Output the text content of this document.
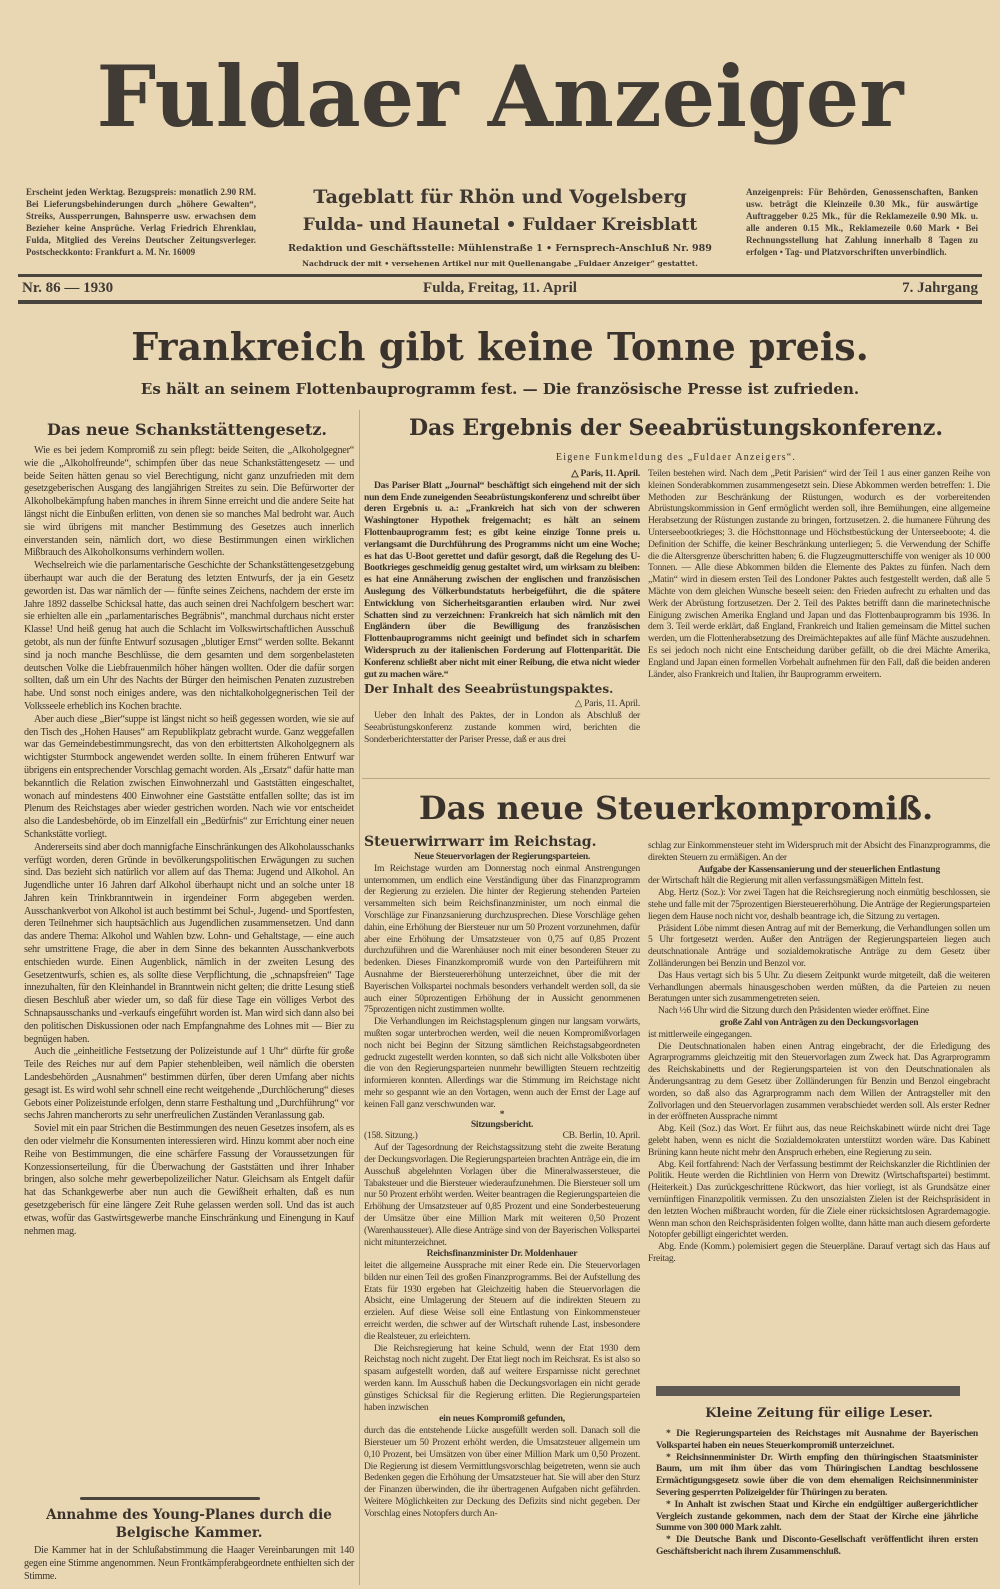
Fuldaer Anzeiger
Erscheint jeden Werktag. Bezugspreis: monatlich 2.90 RM. Bei Lieferungsbehinderungen durch „höhere Gewalten“, Streiks, Aussperrungen, Bahnsperre usw. erwachsen dem Bezieher keine Ansprüche. Verlag Friedrich Ehrenklau, Fulda, Mitglied des Vereins Deutscher Zeitungsverleger. Postscheckkonto: Frankfurt a. M. Nr. 16009
Tageblatt für Rhön und Vogelsberg
Fulda- und Haunetal • Fuldaer Kreisblatt
Redaktion und Geschäftsstelle: Mühlenstraße 1 • Fernsprech-Anschluß Nr. 989
Nachdruck der mit • versehenen Artikel nur mit Quellenangabe „Fuldaer Anzeiger“ gestattet.
Anzeigenpreis: Für Behörden, Genossenschaften, Banken usw. beträgt die Kleinzeile 0.30 Mk., für auswärtige Auftraggeber 0.25 Mk., für die Reklamezeile 0.90 Mk. u. alle anderen 0.15 Mk., Reklamezeile 0.60 Mark • Bei Rechnungsstellung hat Zahlung innerhalb 8 Tagen zu erfolgen • Tag- und Platzvorschriften unverbindlich.
Nr. 86 — 1930	Fulda, Freitag, 11. April	7. Jahrgang
Frankreich gibt keine Tonne preis.
Es hält an seinem Flottenbauprogramm fest. — Die französische Presse ist zufrieden.
Das neue Schankstättengesetz.

Wie es bei jedem Kompromiß zu sein pflegt: beide Seiten, die „Alkoholgegner“ wie die „Alkoholfreunde“, schimpfen über das neue Schankstättengesetz — und beide Seiten hätten genau so viel Berechtigung, nicht ganz unzufrieden mit dem gesetzgeberischen Ausgang des langjährigen Streites zu sein. Die Befürworter der Alkoholbekämpfung haben manches in ihrem Sinne erreicht und die andere Seite hat längst nicht die Einbußen erlitten, von denen sie so manches Mal bedroht war. Auch sie wird übrigens mit mancher Bestimmung des Gesetzes auch innerlich einverstanden sein, nämlich dort, wo diese Bestimmungen einen wirklichen Mißbrauch des Alkoholkonsums verhindern wollen.

Wechselreich wie die parlamentarische Geschichte der Schankstättengesetzgebung überhaupt war auch die der Beratung des letzten Entwurfs, der ja ein Gesetz geworden ist. Das war nämlich der — fünfte seines Zeichens, nachdem der erste im Jahre 1892 dasselbe Schicksal hatte, das auch seinen drei Nachfolgern beschert war: sie erhielten alle ein „parlamentarisches Begräbnis“, manchmal durchaus nicht erster Klasse! Und heiß genug hat auch die Schlacht im Volkswirtschaftlichen Ausschuß getobt, als nun der fünfte Entwurf sozusagen „blutiger Ernst“ werden sollte. Bekannt sind ja noch manche Beschlüsse, die dem gesamten und dem sorgenbelasteten deutschen Volke die Liebfrauenmilch höher hängen wollten. Oder die dafür sorgen sollten, daß um ein Uhr des Nachts der Bürger den heimischen Penaten zuzustreben habe. Und sonst noch einiges andere, was den nichtalkoholgegnerischen Teil der Volksseele erheblich ins Kochen brachte.

Aber auch diese „Bier“suppe ist längst nicht so heiß gegessen worden, wie sie auf den Tisch des „Hohen Hauses“ am Republikplatz gebracht wurde. Ganz weggefallen war das Gemeindebestimmungsrecht, das von den erbittertsten Alkoholgegnern als wichtigster Sturmbock angewendet werden sollte. In einem früheren Entwurf war übrigens ein entsprechender Vorschlag gemacht worden. Als „Ersatz“ dafür hatte man bekanntlich die Relation zwischen Einwohnerzahl und Gaststätten eingeschaltet, wonach auf mindestens 400 Einwohner eine Gaststätte entfallen sollte; das ist im Plenum des Reichstages aber wieder gestrichen worden. Nach wie vor entscheidet also die Landesbehörde, ob im Einzelfall ein „Bedürfnis“ zur Errichtung einer neuen Schankstätte vorliegt.

Andererseits sind aber doch mannigfache Einschränkungen des Alkoholausschanks verfügt worden, deren Gründe in bevölkerungspolitischen Erwägungen zu suchen sind. Das bezieht sich natürlich vor allem auf das Thema: Jugend und Alkohol. An Jugendliche unter 16 Jahren darf Alkohol überhaupt nicht und an solche unter 18 Jahren kein Trinkbranntwein in irgendeiner Form abgegeben werden. Ausschankverbot von Alkohol ist auch bestimmt bei Schul-, Jugend- und Sportfesten, deren Teilnehmer sich hauptsächlich aus Jugendlichen zusammensetzen. Und dann das andere Thema: Alkohol und Wahlen bzw. Lohn- und Gehaltstage, — eine auch sehr umstrittene Frage, die aber in dem Sinne des bekannten Ausschankverbots entschieden wurde. Einen Augenblick, nämlich in der zweiten Lesung des Gesetzentwurfs, schien es, als sollte diese Verpflichtung, die „schnapsfreien“ Tage innezuhalten, für den Kleinhandel in Branntwein nicht gelten; die dritte Lesung stieß diesen Beschluß aber wieder um, so daß für diese Tage ein völliges Verbot des Schnapsausschanks und -verkaufs eingeführt worden ist. Man wird sich dann also bei den politischen Diskussionen oder nach Empfangnahme des Lohnes mit — Bier zu begnügen haben.

Auch die „einheitliche Festsetzung der Polizeistunde auf 1 Uhr“ dürfte für große Teile des Reiches nur auf dem Papier stehenbleiben, weil nämlich die obersten Landesbehörden „Ausnahmen“ bestimmen dürfen, über deren Umfang aber nichts gesagt ist. Es wird wohl sehr schnell eine recht weitgehende „Durchlöcherung“ dieses Gebots einer Polizeistunde erfolgen, denn starre Festhaltung und „Durchführung“ vor sechs Jahren mancherorts zu sehr unerfreulichen Zuständen Veranlassung gab.

Soviel mit ein paar Strichen die Bestimmungen des neuen Gesetzes insofern, als es den oder vielmehr die Konsumenten interessieren wird. Hinzu kommt aber noch eine Reihe von Bestimmungen, die eine schärfere Fassung der Voraussetzungen für Konzessionserteilung, für die Überwachung der Gaststätten und ihrer Inhaber bringen, also solche mehr gewerbepolizeilicher Natur. Gleichsam als Entgelt dafür hat das Schankgewerbe aber nun auch die Gewißheit erhalten, daß es nun gesetzgeberisch für eine längere Zeit Ruhe gelassen werden soll. Und das ist auch etwas, wofür das Gastwirtsgewerbe manche Einschränkung und Einengung in Kauf nehmen mag.

Annahme des Young-Planes durch die Belgische Kammer.

Die Kammer hat in der Schlußabstimmung die Haager Vereinbarungen mit 140 gegen eine Stimme angenommen. Neun Frontkämpferabgeordnete enthielten sich der Stimme.

Das Ergebnis der Seeabrüstungskonferenz.
Eigene Funkmeldung des „Fuldaer Anzeigers“.

△ Paris, 11. April.

Das Pariser Blatt „Journal“ beschäftigt sich eingehend mit der sich nun dem Ende zuneigenden Seeabrüstungskonferenz und schreibt über deren Ergebnis u. a.: „Frankreich hat sich von der schweren Washingtoner Hypothek freigemacht; es hält an seinem Flottenbauprogramm fest; es gibt keine einzige Tonne preis u. verlangsamt die Durchführung des Programms nicht um eine Woche; es hat das U-Boot gerettet und dafür gesorgt, daß die Regelung des U-Bootkrieges geschmeidig genug gestaltet wird, um wirksam zu bleiben: es hat eine Annäherung zwischen der englischen und französischen Auslegung des Völkerbundstatuts herbeigeführt, die die spätere Entwicklung von Sicherheitsgarantien erlauben wird. Nur zwei Schatten sind zu verzeichnen: Frankreich hat sich nämlich mit den Engländern über die Bewilligung des französischen Flottenbauprogramms nicht geeinigt und befindet sich in scharfem Widerspruch zu der italienischen Forderung auf Flottenparität. Die Konferenz schließt aber nicht mit einer Reibung, die etwa nicht wieder gut zu machen wäre.“

Der Inhalt des Seeabrüstungspaktes.

△ Paris, 11. April.

Ueber den Inhalt des Paktes, der in London als Abschluß der Seeabrüstungskonferenz zustande kommen wird, berichten die Sonderberichterstatter der Pariser Presse, daß er aus drei

Teilen bestehen wird. Nach dem „Petit Parisien“ wird der Teil 1 aus einer ganzen Reihe von kleinen Sonderabkommen zusammengesetzt sein. Diese Abkommen werden betreffen: 1. Die Methoden zur Beschränkung der Rüstungen, wodurch es der vorbereitenden Abrüstungskommission in Genf ermöglicht werden soll, ihre Bemühungen, eine allgemeine Herabsetzung der Rüstungen zustande zu bringen, fortzusetzen. 2. die humanere Führung des Unterseebootkrieges; 3. die Höchsttonnage und Höchstbestückung der Unterseeboote; 4. die Definition der Schiffe, die keiner Beschränkung unterliegen; 5. die Verwendung der Schiffe die die Altersgrenze überschritten haben; 6. die Flugzeugmutterschiffe von weniger als 10 000 Tonnen. — Alle diese Abkommen bilden die Elemente des Paktes zu fünfen. Nach dem „Matin“ wird in diesem ersten Teil des Londoner Paktes auch festgestellt werden, daß alle 5 Mächte von dem gleichen Wunsche beseelt seien: den Frieden aufrecht zu erhalten und das Werk der Abrüstung fortzusetzen. Der 2. Teil des Paktes betrifft dann die marinetechnische Einigung zwischen Amerika England und Japan und das Flottenbauprogramm bis 1936. In dem 3. Teil werde erklärt, daß England, Frankreich und Italien gemeinsam die Mittel suchen werden, um die Flottenherabsetzung des Dreimächtepaktes auf alle fünf Mächte auszudehnen. Es sei jedoch noch nicht eine Entscheidung darüber gefällt, ob die drei Mächte Amerika, England und Japan einen formellen Vorbehalt aufnehmen für den Fall, daß die beiden anderen Länder, also Frankreich und Italien, ihr Bauprogramm erweitern.

Das neue Steuerkompromiß.

Steuerwirrwarr im Reichstag.

Neue Steuervorlagen der Regierungsparteien.

Im Reichstage wurden am Donnerstag noch einmal Anstrengungen unternommen, um endlich eine Verständigung über das Finanzprogramm der Regierung zu erzielen. Die hinter der Regierung stehenden Parteien versammelten sich beim Reichsfinanzminister, um noch einmal die Vorschläge zur Finanzsanierung durchzusprechen. Diese Vorschläge gehen dahin, eine Erhöhung der Biersteuer nur um 50 Prozent vorzunehmen, dafür aber eine Erhöhung der Umsatzsteuer von 0,75 auf 0,85 Prozent durchzuführen und die Warenhäuser noch mit einer besonderen Steuer zu bedenken. Dieses Finanzkompromiß wurde von den Parteiführern mit Ausnahme der Biersteuererhöhung unterzeichnet, über die mit der Bayerischen Volkspartei nochmals besonders verhandelt werden soll, da sie auch einer 50prozentigen Erhöhung der in Aussicht genommenen 75prozentigen nicht zustimmen wollte.

Die Verhandlungen im Reichstagsplenum gingen nur langsam vorwärts, mußten sogar unterbrochen werden, weil die neuen Kompromißvorlagen noch nicht bei Beginn der Sitzung sämtlichen Reichstagsabgeordneten gedruckt zugestellt werden konnten, so daß sich nicht alle Volksboten über die von den Regierungsparteien nunmehr bewilligten Steuern rechtzeitig informieren konnten. Allerdings war die Stimmung im Reichstage nicht mehr so gespannt wie an den Vortagen, wenn auch der Ernst der Lage auf keinen Fall ganz verschwunden war.

*

Sitzungsbericht.

(158. Sitzung.)	CB. Berlin, 10. April.

Auf der Tagesordnung der Reichstagssitzung steht die zweite Beratung der Deckungsvorlagen. Die Regierungsparteien brachten Anträge ein, die im Ausschuß abgelehnten Vorlagen über die Mineralwassersteuer, die Tabaksteuer und die Biersteuer wiederaufzunehmen. Die Biersteuer soll um nur 50 Prozent erhöht werden. Weiter beantragen die Regierungsparteien die Erhöhung der Umsatzsteuer auf 0,85 Prozent und eine Sonderbesteuerung der Umsätze über eine Million Mark mit weiteren 0,50 Prozent (Warenhaussteuer). Alle diese Anträge sind von der Bayerischen Volkspartei nicht mitunterzeichnet.

Reichsfinanzminister Dr. Moldenhauer

leitet die allgemeine Aussprache mit einer Rede ein. Die Steuervorlagen bilden nur einen Teil des großen Finanzprogramms. Bei der Aufstellung des Etats für 1930 ergeben hat Gleichzeitig haben die Steuervorlagen die Absicht, eine Umlagerung der Steuern auf die indirekten Steuern zu erzielen. Auf diese Weise soll eine Entlastung von Einkommensteuer erreicht werden, die schwer auf der Wirtschaft ruhende Last, insbesondere die Realsteuer, zu erleichtern.

Die Reichsregierung hat keine Schuld, wenn der Etat 1930 dem Reichstag noch nicht zugeht. Der Etat liegt noch im Reichsrat. Es ist also so spasam aufgestellt worden, daß auf weitere Ersparnisse nicht gerechnet werden kann. Im Ausschuß haben die Deckungsvorlagen ein nicht gerade günstiges Schicksal für die Regierung erlitten. Die Regierungsparteien haben inzwischen

ein neues Kompromiß gefunden,

durch das die entstehende Lücke ausgefüllt werden soll. Danach soll die Biersteuer um 50 Prozent erhöht werden, die Umsatzsteuer allgemein um 0,10 Prozent, bei Umsätzen von über einer Million Mark um 0,50 Prozent. Die Regierung ist diesem Vermittlungsvorschlag beigetreten, wenn sie auch Bedenken gegen die Erhöhung der Umsatzsteuer hat. Sie will aber den Sturz der Finanzen überwinden, die ihr übertragenen Aufgaben nicht gefährden. Weitere Möglichkeiten zur Deckung des Defizits sind nicht gegeben. Der Vorschlag eines Notopfers durch An-

schlag zur Einkommensteuer steht im Widerspruch mit der Absicht des Finanzprogramms, die direkten Steuern zu ermäßigen. An der

Aufgabe der Kassensanierung und der steuerlichen Entlastung

der Wirtschaft hält die Regierung mit allen verfassungsmäßigen Mitteln fest.

Abg. Hertz (Soz.): Vor zwei Tagen hat die Reichsregierung noch einmütig beschlossen, sie stehe und falle mit der 75prozentigen Biersteuererhöhung. Die Anträge der Regierungsparteien liegen dem Hause noch nicht vor, deshalb beantrage ich, die Sitzung zu vertagen.

Präsident Löbe nimmt diesen Antrag auf mit der Bemerkung, die Verhandlungen sollen um 5 Uhr fortgesetzt werden. Außer den Anträgen der Regierungsparteien liegen auch deutschnationale Anträge und sozialdemokratische Anträge zu dem Gesetz über Zolländerungen bei Benzin und Benzol vor.

Das Haus vertagt sich bis 5 Uhr. Zu diesem Zeitpunkt wurde mitgeteilt, daß die weiteren Verhandlungen abermals hinausgeschoben werden müßten, da die Parteien zu neuen Beratungen unter sich zusammengetreten seien.

Nach ½6 Uhr wird die Sitzung durch den Präsidenten wieder eröffnet. Eine

große Zahl von Anträgen zu den Deckungsvorlagen

ist mittlerweile eingegangen.

Die Deutschnationalen haben einen Antrag eingebracht, der die Erledigung des Agrarprogramms gleichzeitig mit den Steuervorlagen zum Zweck hat. Das Agrarprogramm des Reichskabinetts und der Regierungsparteien ist von den Deutschnationalen als Änderungsantrag zu dem Gesetz über Zolländerungen für Benzin und Benzol eingebracht worden, so daß also das Agrarprogramm nach dem Willen der Antragsteller mit den Zollvorlagen und den Steuervorlagen zusammen verabschiedet werden soll. Als erster Redner in der eröffneten Aussprache nimmt

Abg. Keil (Soz.) das Wort. Er führt aus, das neue Reichskabinett würde nicht drei Tage gelebt haben, wenn es nicht die Sozialdemokraten unterstützt worden wäre. Das Kabinett Brüning kann heute nicht mehr den Anspruch erheben, eine Regierung zu sein.

Abg. Keil fortfahrend: Nach der Verfassung bestimmt der Reichskanzler die Richtlinien der Politik. Heute werden die Richtlinien von Herrn von Drewitz (Wirtschaftspartei) bestimmt. (Heiterkeit.) Das zurückgeschrittene Rückwort, das hier vorliegt, ist als Grundsätze einer vernünftigen Finanzpolitik vermissen. Zu den unsozialsten Zielen ist der Reichspräsident in den letzten Wochen mißbraucht worden, für die Ziele einer rücksichtslosen Agrardemagogie. Wenn man schon den Reichspräsidenten folgen wollte, dann hätte man auch diesem geforderte Notopfer gebilligt eingerichtet werden.

Abg. Ende (Komm.) polemisiert gegen die Steuerpläne. Darauf vertagt sich das Haus auf Freitag.

Kleine Zeitung für eilige Leser.

* Die Regierungsparteien des Reichstages mit Ausnahme der Bayerischen Volkspartei haben ein neues Steuerkompromiß unterzeichnet.

* Reichsinnenminister Dr. Wirth empfing den thüringischen Staatsminister Baum, um mit ihm über das vom Thüringischen Landtag beschlossene Ermächtigungsgesetz sowie über die von dem ehemaligen Reichsinnenminister Severing gesperrten Polizeigelder für Thüringen zu beraten.

* In Anhalt ist zwischen Staat und Kirche ein endgültiger außergerichtlicher Vergleich zustande gekommen, nach dem der Staat der Kirche eine jährliche Summe von 300 000 Mark zahlt.

* Die Deutsche Bank und Disconto-Gesellschaft veröffentlicht ihren ersten Geschäftsbericht nach ihrem Zusammenschluß.
